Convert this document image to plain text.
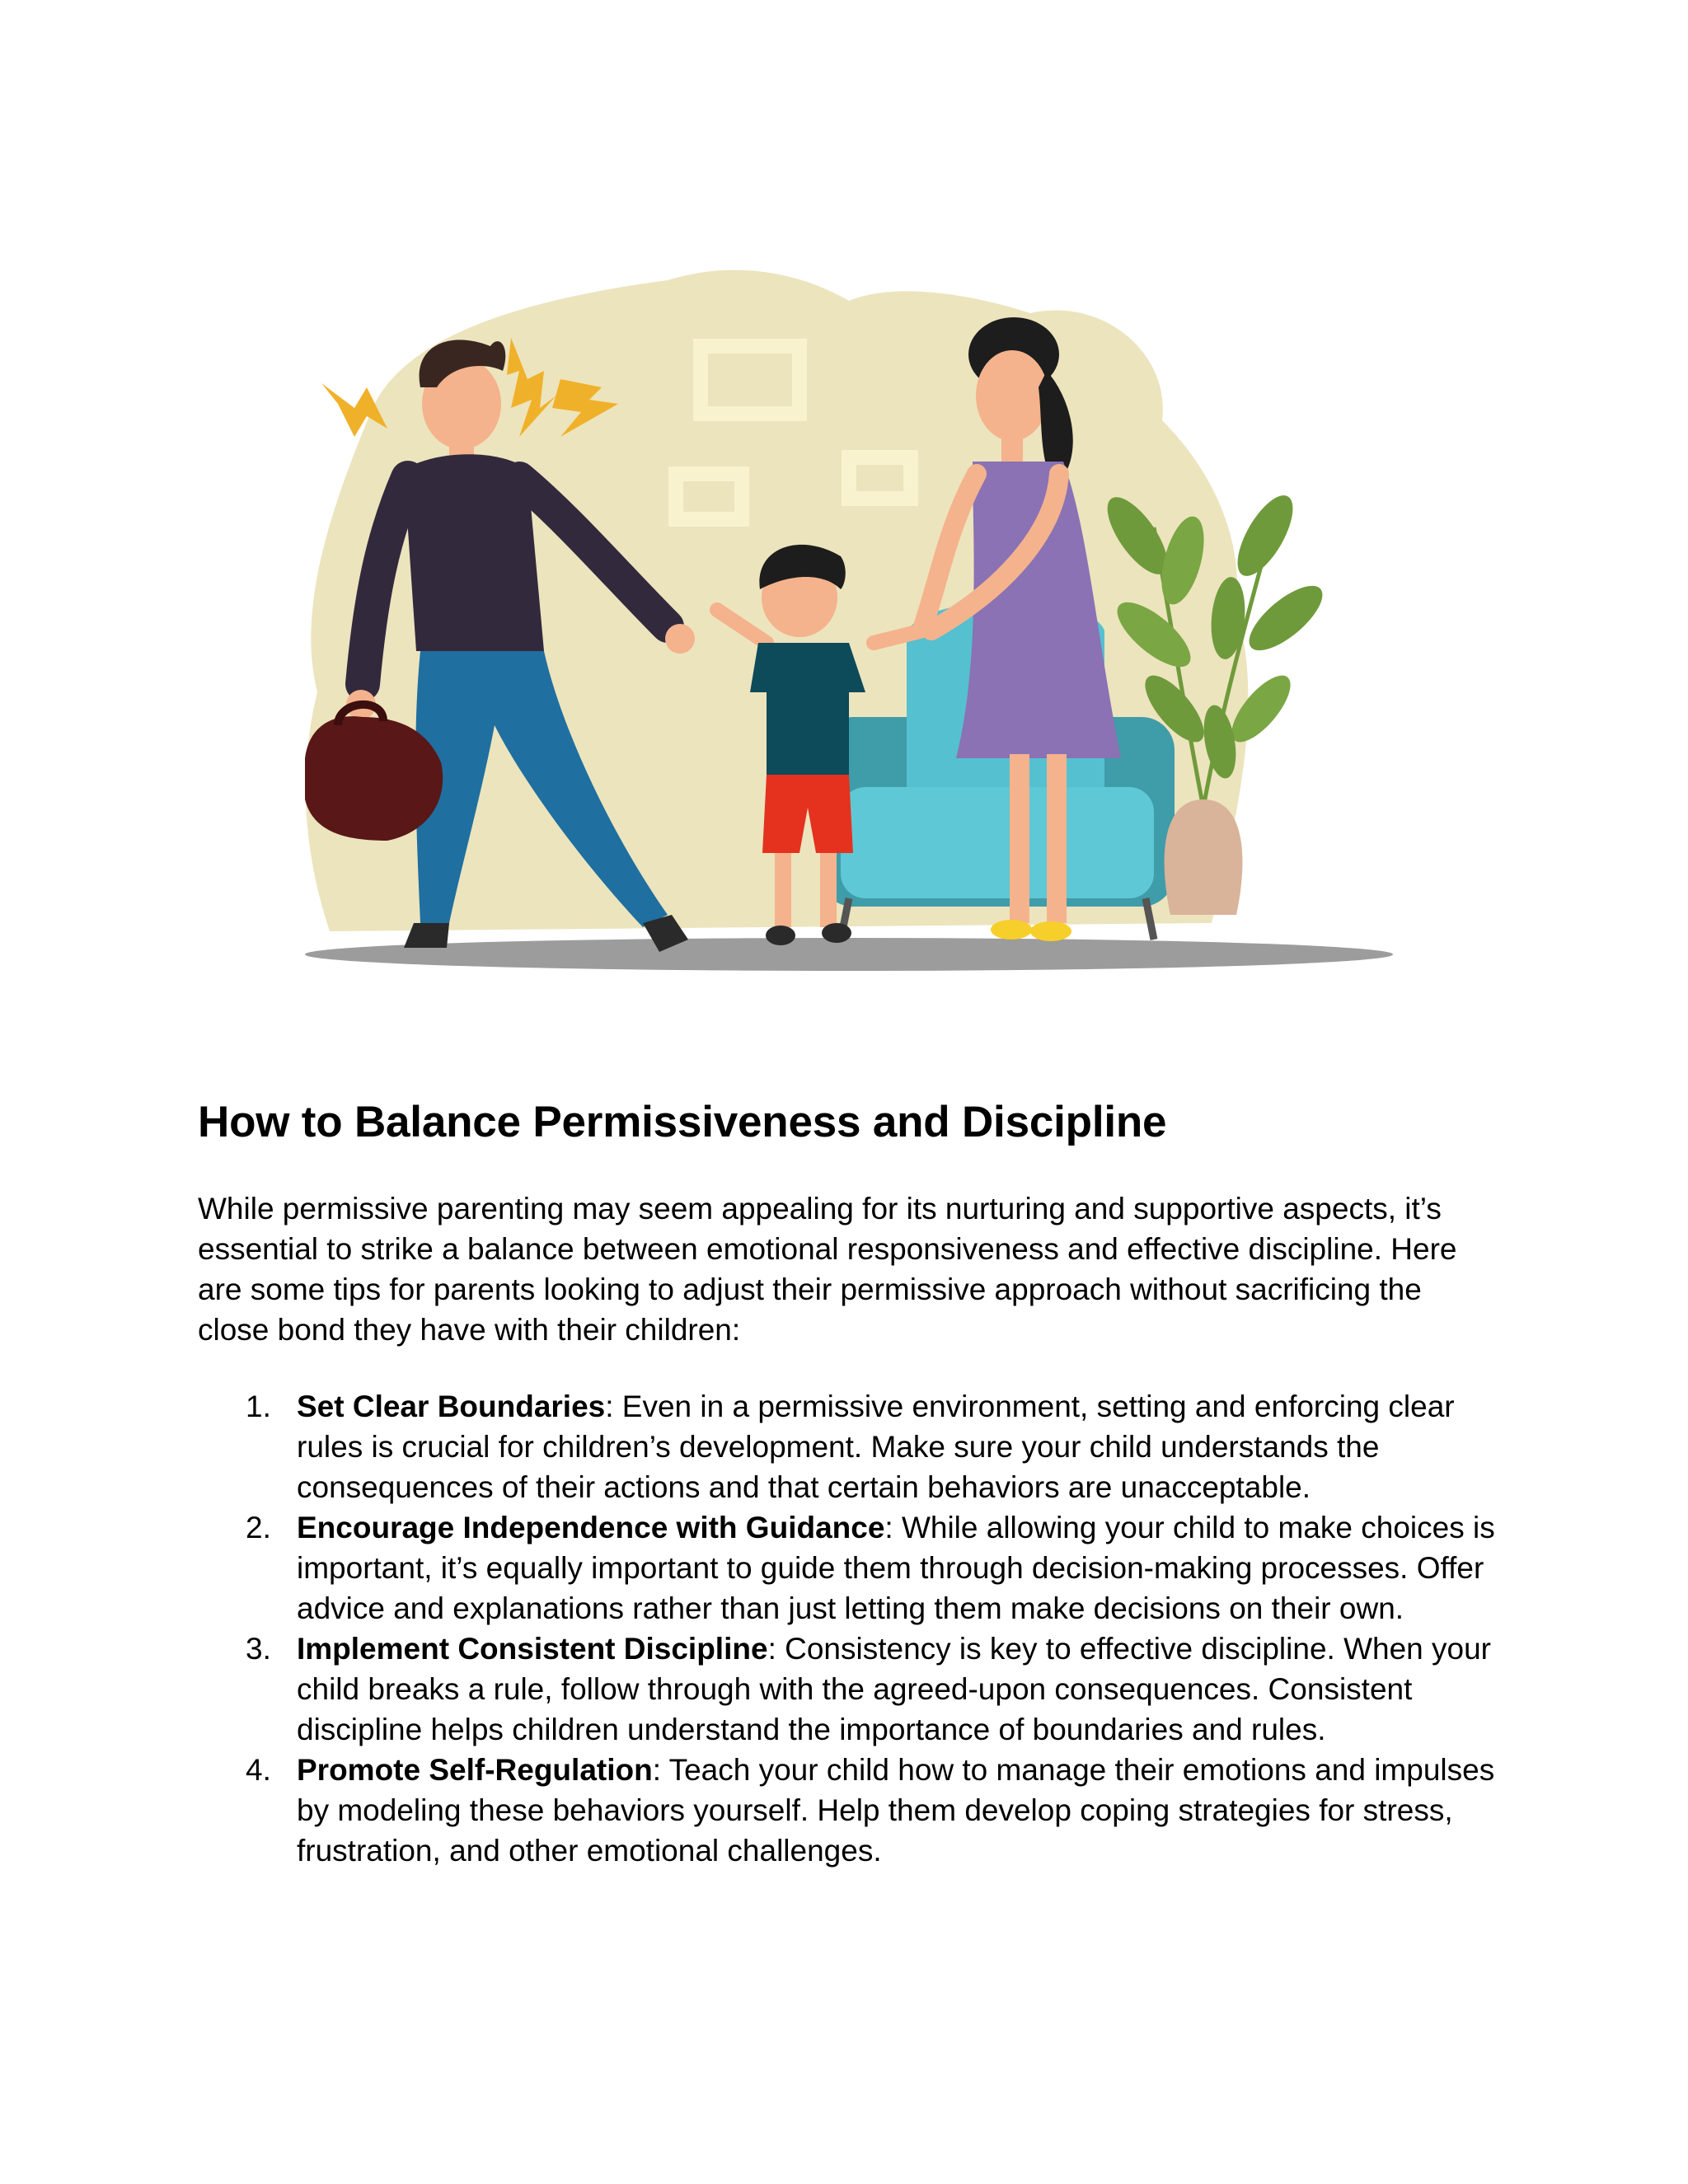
How to Balance Permissiveness and Discipline

While permissive parenting may seem appealing for its nurturing and supportive aspects, it’s essential to strike a balance between emotional responsiveness and effective discipline. Here are some tips for parents looking to adjust their permissive approach without sacrificing the close bond they have with their children:

1. Set Clear Boundaries: Even in a permissive environment, setting and enforcing clear rules is crucial for children’s development. Make sure your child understands the consequences of their actions and that certain behaviors are unacceptable.
2. Encourage Independence with Guidance: While allowing your child to make choices is important, it’s equally important to guide them through decision-making processes. Offer advice and explanations rather than just letting them make decisions on their own.
3. Implement Consistent Discipline: Consistency is key to effective discipline. When your child breaks a rule, follow through with the agreed-upon consequences. Consistent discipline helps children understand the importance of boundaries and rules.
4. Promote Self-Regulation: Teach your child how to manage their emotions and impulses by modeling these behaviors yourself. Help them develop coping strategies for stress, frustration, and other emotional challenges.
